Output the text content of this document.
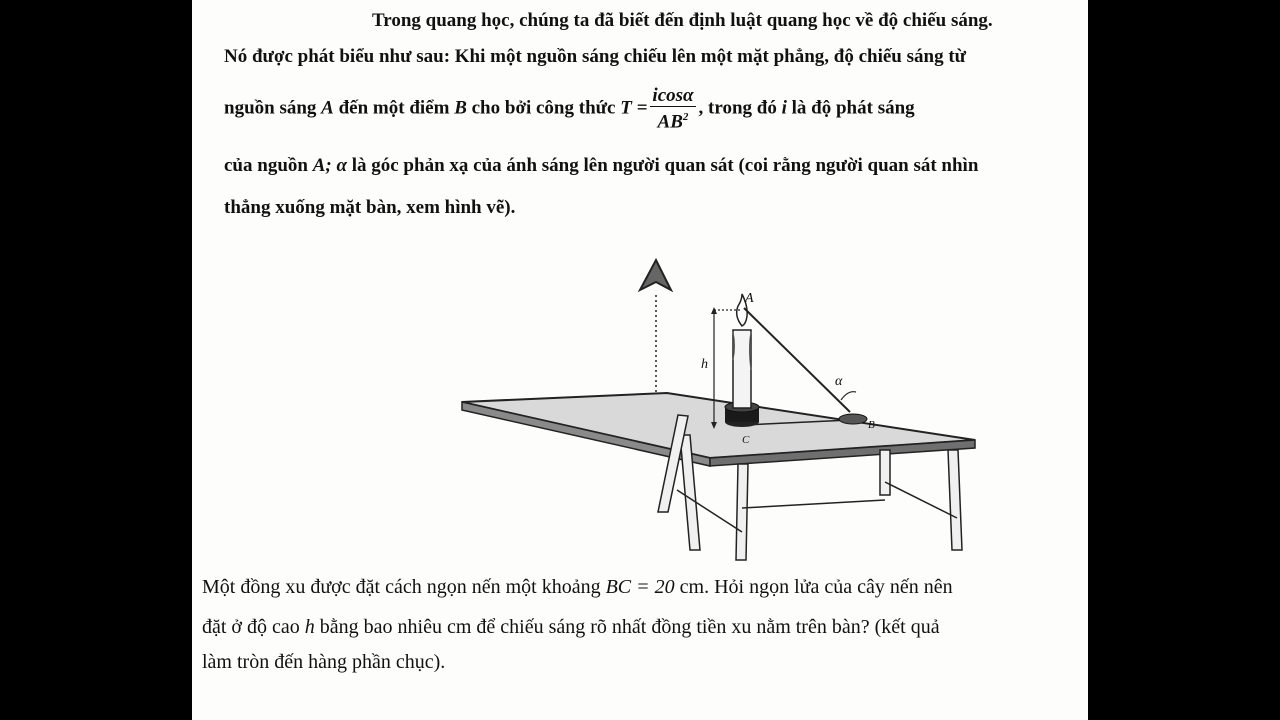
Trong quang học, chúng ta đã biết đến định luật quang học về độ chiếu sáng.
Nó được phát biểu như sau: Khi một nguồn sáng chiếu lên một mặt phẳng, độ chiếu sáng từ
nguồn sáng A đến một điểm B cho bởi công thức $T = \frac{icos\alpha}{AB^2}$ , trong đó i là độ phát sáng
của nguồn A; α là góc phản xạ của ánh sáng lên người quan sát (coi rằng người quan sát nhìn
thẳng xuống mặt bàn, xem hình vẽ).
A
h
α
B
C
Một đồng xu được đặt cách ngọn nến một khoảng BC = 20 cm. Hỏi ngọn lửa của cây nến nên
đặt ở độ cao h bằng bao nhiêu cm để chiếu sáng rõ nhất đồng tiền xu nằm trên bàn? (kết quả
làm tròn đến hàng phần chục).
